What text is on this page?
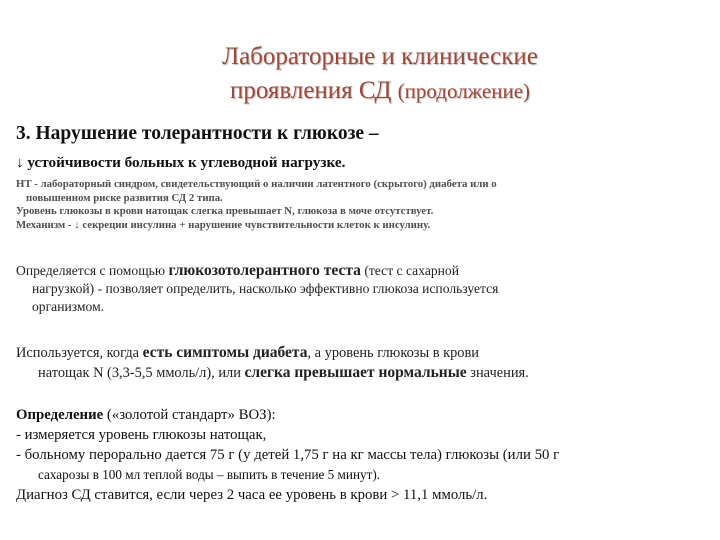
Лабораторные и клинические
проявления СД (продолжение)
3. Нарушение толерантности к глюкозе –
↓ устойчивости больных к углеводной нагрузке.

НТ - лабораторный синдром, свидетельствующий о наличии латентного (скрытого) диабета или о

повышенном риске развития СД 2 типа.

Уровень глюкозы в крови натощак слегка превышает N, глюкоза в моче отсутствует.

Механизм - ↓ секреции инсулина + нарушение чувствительности клеток к инсулину.

Определяется с помощью глюкозотолерантного теста (тест с сахарной
нагрузкой) - позволяет определить, насколько эффективно глюкоза используется
организмом.
Используется, когда есть симптомы диабета, а уровень глюкозы в крови
натощак N (3,3-5,5 ммоль/л), или слегка превышает нормальные значения.

Определение («золотой стандарт» ВОЗ):

- измеряется уровень глюкозы натощак,

- больному перорально дается 75 г (у детей 1,75 г на кг массы тела) глюкозы (или 50 г

сахарозы в 100 мл теплой воды – выпить в течение 5 минут).

Диагноз СД ставится, если через 2 часа ее уровень в крови > 11,1 ммоль/л.
